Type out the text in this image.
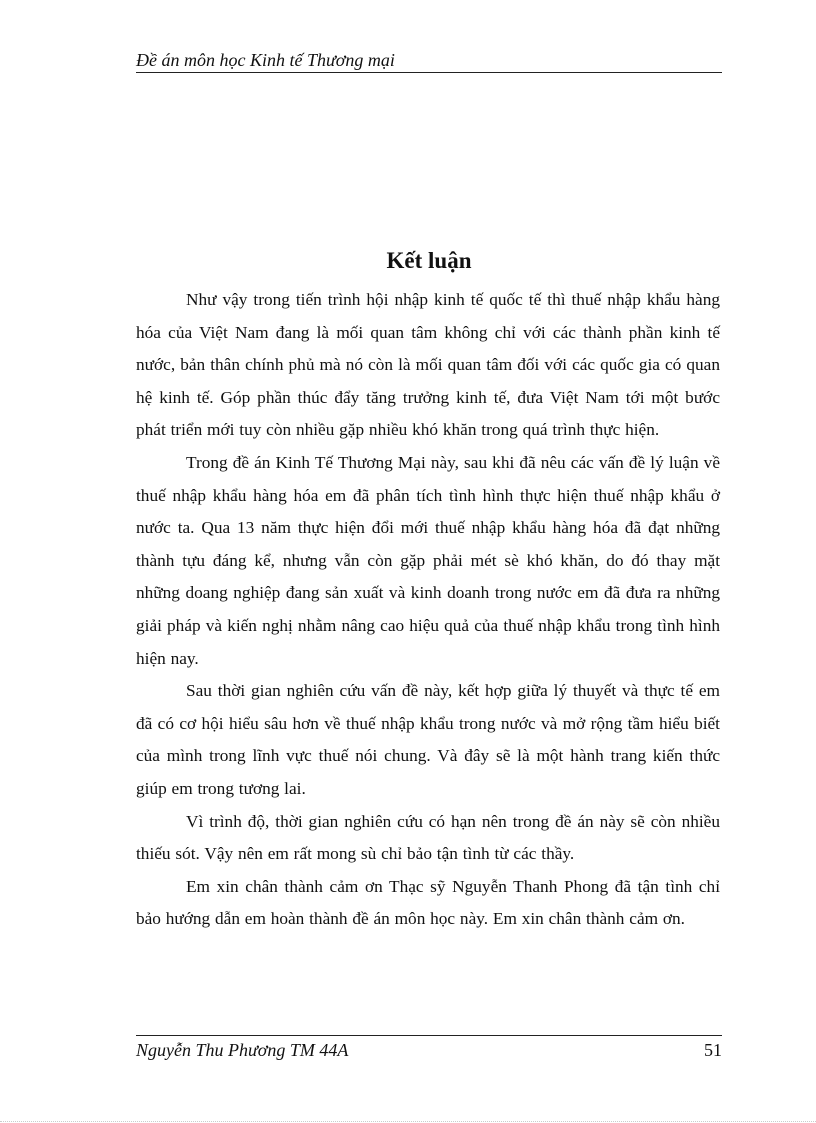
Đề án môn học Kinh tế Thương mại
Kết luận

Như vậy trong tiến trình hội nhập kinh tế quốc tế thì thuế nhập khẩu hàng hóa của Việt Nam đang là mối quan tâm không chỉ với các thành phần kinh tế nước, bản thân chính phủ mà nó còn là mối quan tâm đối với các quốc gia có quan hệ kinh tế. Góp phần thúc đẩy tăng trưởng kinh tế, đưa Việt Nam tới một bước phát triển mới tuy còn nhiều gặp nhiều khó khăn trong quá trình thực hiện.

Trong đề án Kinh Tế Thương Mại này, sau khi đã nêu các vấn đề lý luận về thuế nhập khẩu hàng hóa em đã phân tích tình hình thực hiện thuế nhập khẩu ở nước ta. Qua 13 năm thực hiện đổi mới thuế nhập khẩu hàng hóa đã đạt những thành tựu đáng kể, nhưng vẫn còn gặp phải mét sè khó khăn, do đó thay mặt những doang nghiệp đang sản xuất và kinh doanh trong nước em đã đưa ra những giải pháp và kiến nghị nhằm nâng cao hiệu quả của thuế nhập khẩu trong tình hình hiện nay.

Sau thời gian nghiên cứu vấn đề này, kết hợp giữa lý thuyết và thực tế em đã có cơ hội hiểu sâu hơn về thuế nhập khẩu trong nước và mở rộng tầm hiểu biết của mình trong lĩnh vực thuế nói chung. Và đây sẽ là một hành trang kiến thức giúp em trong tương lai.

Vì trình độ, thời gian nghiên cứu có hạn nên trong đề án này sẽ còn nhiều thiếu sót. Vậy nên em rất mong sù chỉ bảo tận tình từ các thầy.

Em xin chân thành cảm ơn Thạc sỹ Nguyễn Thanh Phong đã tận tình chỉ bảo hướng dẫn em hoàn thành đề án môn học này. Em xin chân thành cảm ơn.

Nguyễn Thu Phương TM 44A	51
